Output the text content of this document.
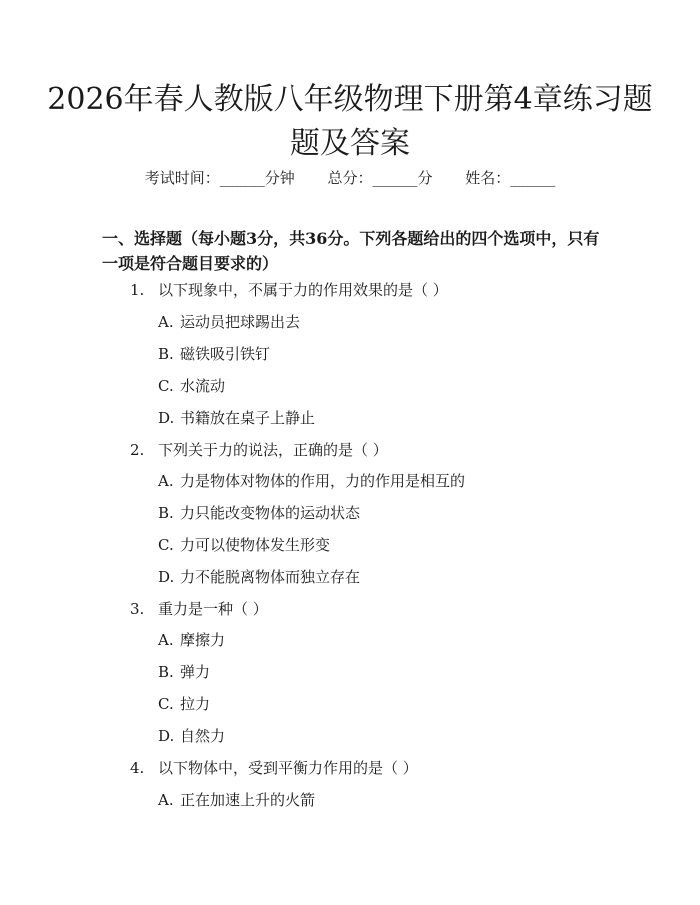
2026年春人教版八年级物理下册第4章练习题题及答案
考试时间：______分钟 总分：______分 姓名：______

一、选择题（每小题3分，共36分。下列各题给出的四个选项中，只有一项是符合题目要求的）

1. 以下现象中，不属于力的作用效果的是（ ）
A. 运动员把球踢出去
B. 磁铁吸引铁钉
C. 水流动
D. 书籍放在桌子上静止
2. 下列关于力的说法，正确的是（ ）
A. 力是物体对物体的作用，力的作用是相互的
B. 力只能改变物体的运动状态
C. 力可以使物体发生形变
D. 力不能脱离物体而独立存在
3. 重力是一种（ ）
A. 摩擦力
B. 弹力
C. 拉力
D. 自然力
4. 以下物体中，受到平衡力作用的是（ ）
A. 正在加速上升的火箭
